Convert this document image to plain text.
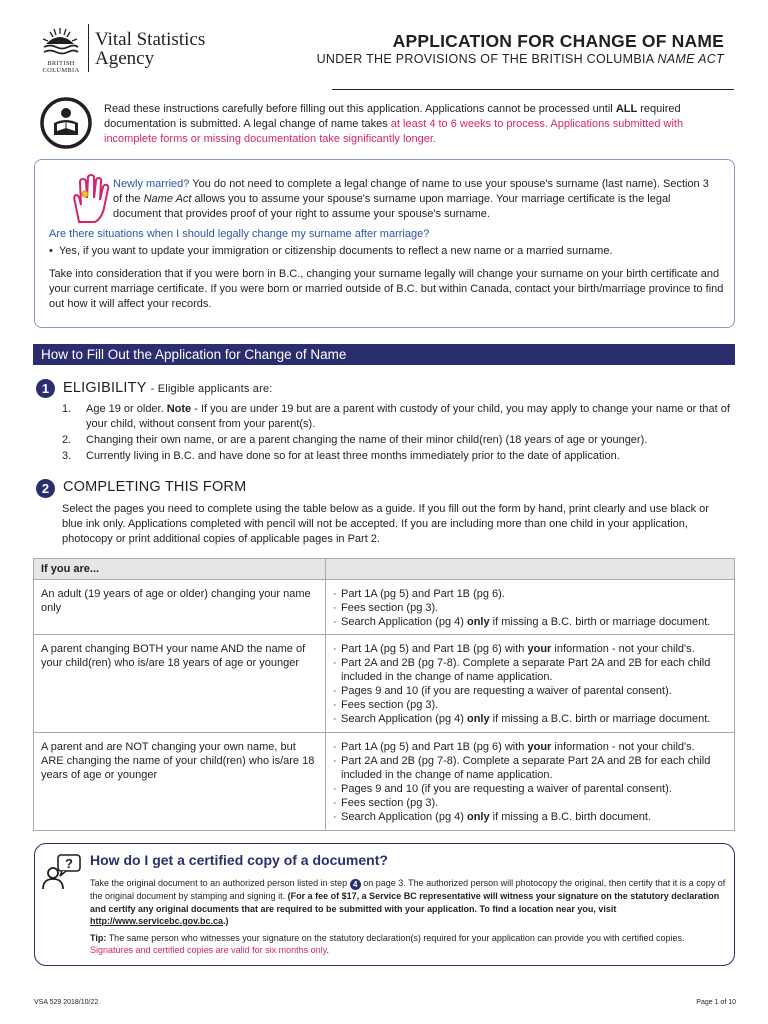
BRITISH
COLUMBIA
Vital Statistics
Agency
APPLICATION FOR CHANGE OF NAME
UNDER THE PROVISIONS OF THE BRITISH COLUMBIA NAME ACT
Read these instructions carefully before filling out this application. Applications cannot be processed until ALL required documentation is submitted. A legal change of name takes at least 4 to 6 weeks to process. Applications submitted with incomplete forms or missing documentation take significantly longer.
Newly married? You do not need to complete a legal change of name to use your spouse's surname (last name). Section 3 of the Name Act allows you to assume your spouse's surname upon marriage. Your marriage certificate is the legal document that provides proof of your right to assume your spouse's surname.
Are there situations when I should legally change my surname after marriage?
•  Yes, if you want to update your immigration or citizenship documents to reflect a new name or a married surname.
Take into consideration that if you were born in B.C., changing your surname legally will change your surname on your birth certificate and your current marriage certificate. If you were born or married outside of B.C. but within Canada, contact your birth/marriage province to find out how it will affect your records.
How to Fill Out the Application for Change of Name
1 ELIGIBILITY - Eligible applicants are:
1. Age 19 or older. Note - If you are under 19 but are a parent with custody of your child, you may apply to change your name or that of your child, without consent from your parent(s).
2. Changing their own name, or are a parent changing the name of their minor child(ren) (18 years of age or younger).
3. Currently living in B.C. and have done so for at least three months immediately prior to the date of application.
2 COMPLETING THIS FORM
Select the pages you need to complete using the table below as a guide. If you fill out the form by hand, print clearly and use black or blue ink only. Applications completed with pencil will not be accepted. If you are including more than one child in your application, photocopy or print additional copies of applicable pages in Part 2.
If you are...	
An adult (19 years of age or older) changing your name only	· Part 1A (pg 5) and Part 1B (pg 6).
· Fees section (pg 3).
· Search Application (pg 4) only if missing a B.C. birth or marriage document.

A parent changing BOTH your name AND the name of your child(ren) who is/are 18 years of age or younger	· Part 1A (pg 5) and Part 1B (pg 6) with your information - not your child's.
· Part 2A and 2B (pg 7-8). Complete a separate Part 2A and 2B for each child included in the change of name application.
· Pages 9 and 10 (if you are requesting a waiver of parental consent).
· Fees section (pg 3).
· Search Application (pg 4) only if missing a B.C. birth or marriage document.

A parent and are NOT changing your own name, but ARE changing the name of your child(ren) who is/are 18 years of age or younger	· Part 1A (pg 5) and Part 1B (pg 6) with your information - not your child's.
· Part 2A and 2B (pg 7-8). Complete a separate Part 2A and 2B for each child included in the change of name application.
· Pages 9 and 10 (if you are requesting a waiver of parental consent).
· Fees section (pg 3).
· Search Application (pg 4) only if missing a B.C. birth document.
? How do I get a certified copy of a document?

Take the original document to an authorized person listed in step 4 on page 3. The authorized person will photocopy the original, then certify that it is a copy of the original document by stamping and signing it. (For a fee of $17, a Service BC representative will witness your signature on the statutory declaration and certify any original documents that are required to be submitted with your application. To find a location near you, visit http://www.servicebc.gov.bc.ca.)

Tip: The same person who witnesses your signature on the statutory declaration(s) required for your application can provide you with certified copies.

Signatures and certified copies are valid for six months only.

VSA 529 2018/10/22	Page 1 of 10
